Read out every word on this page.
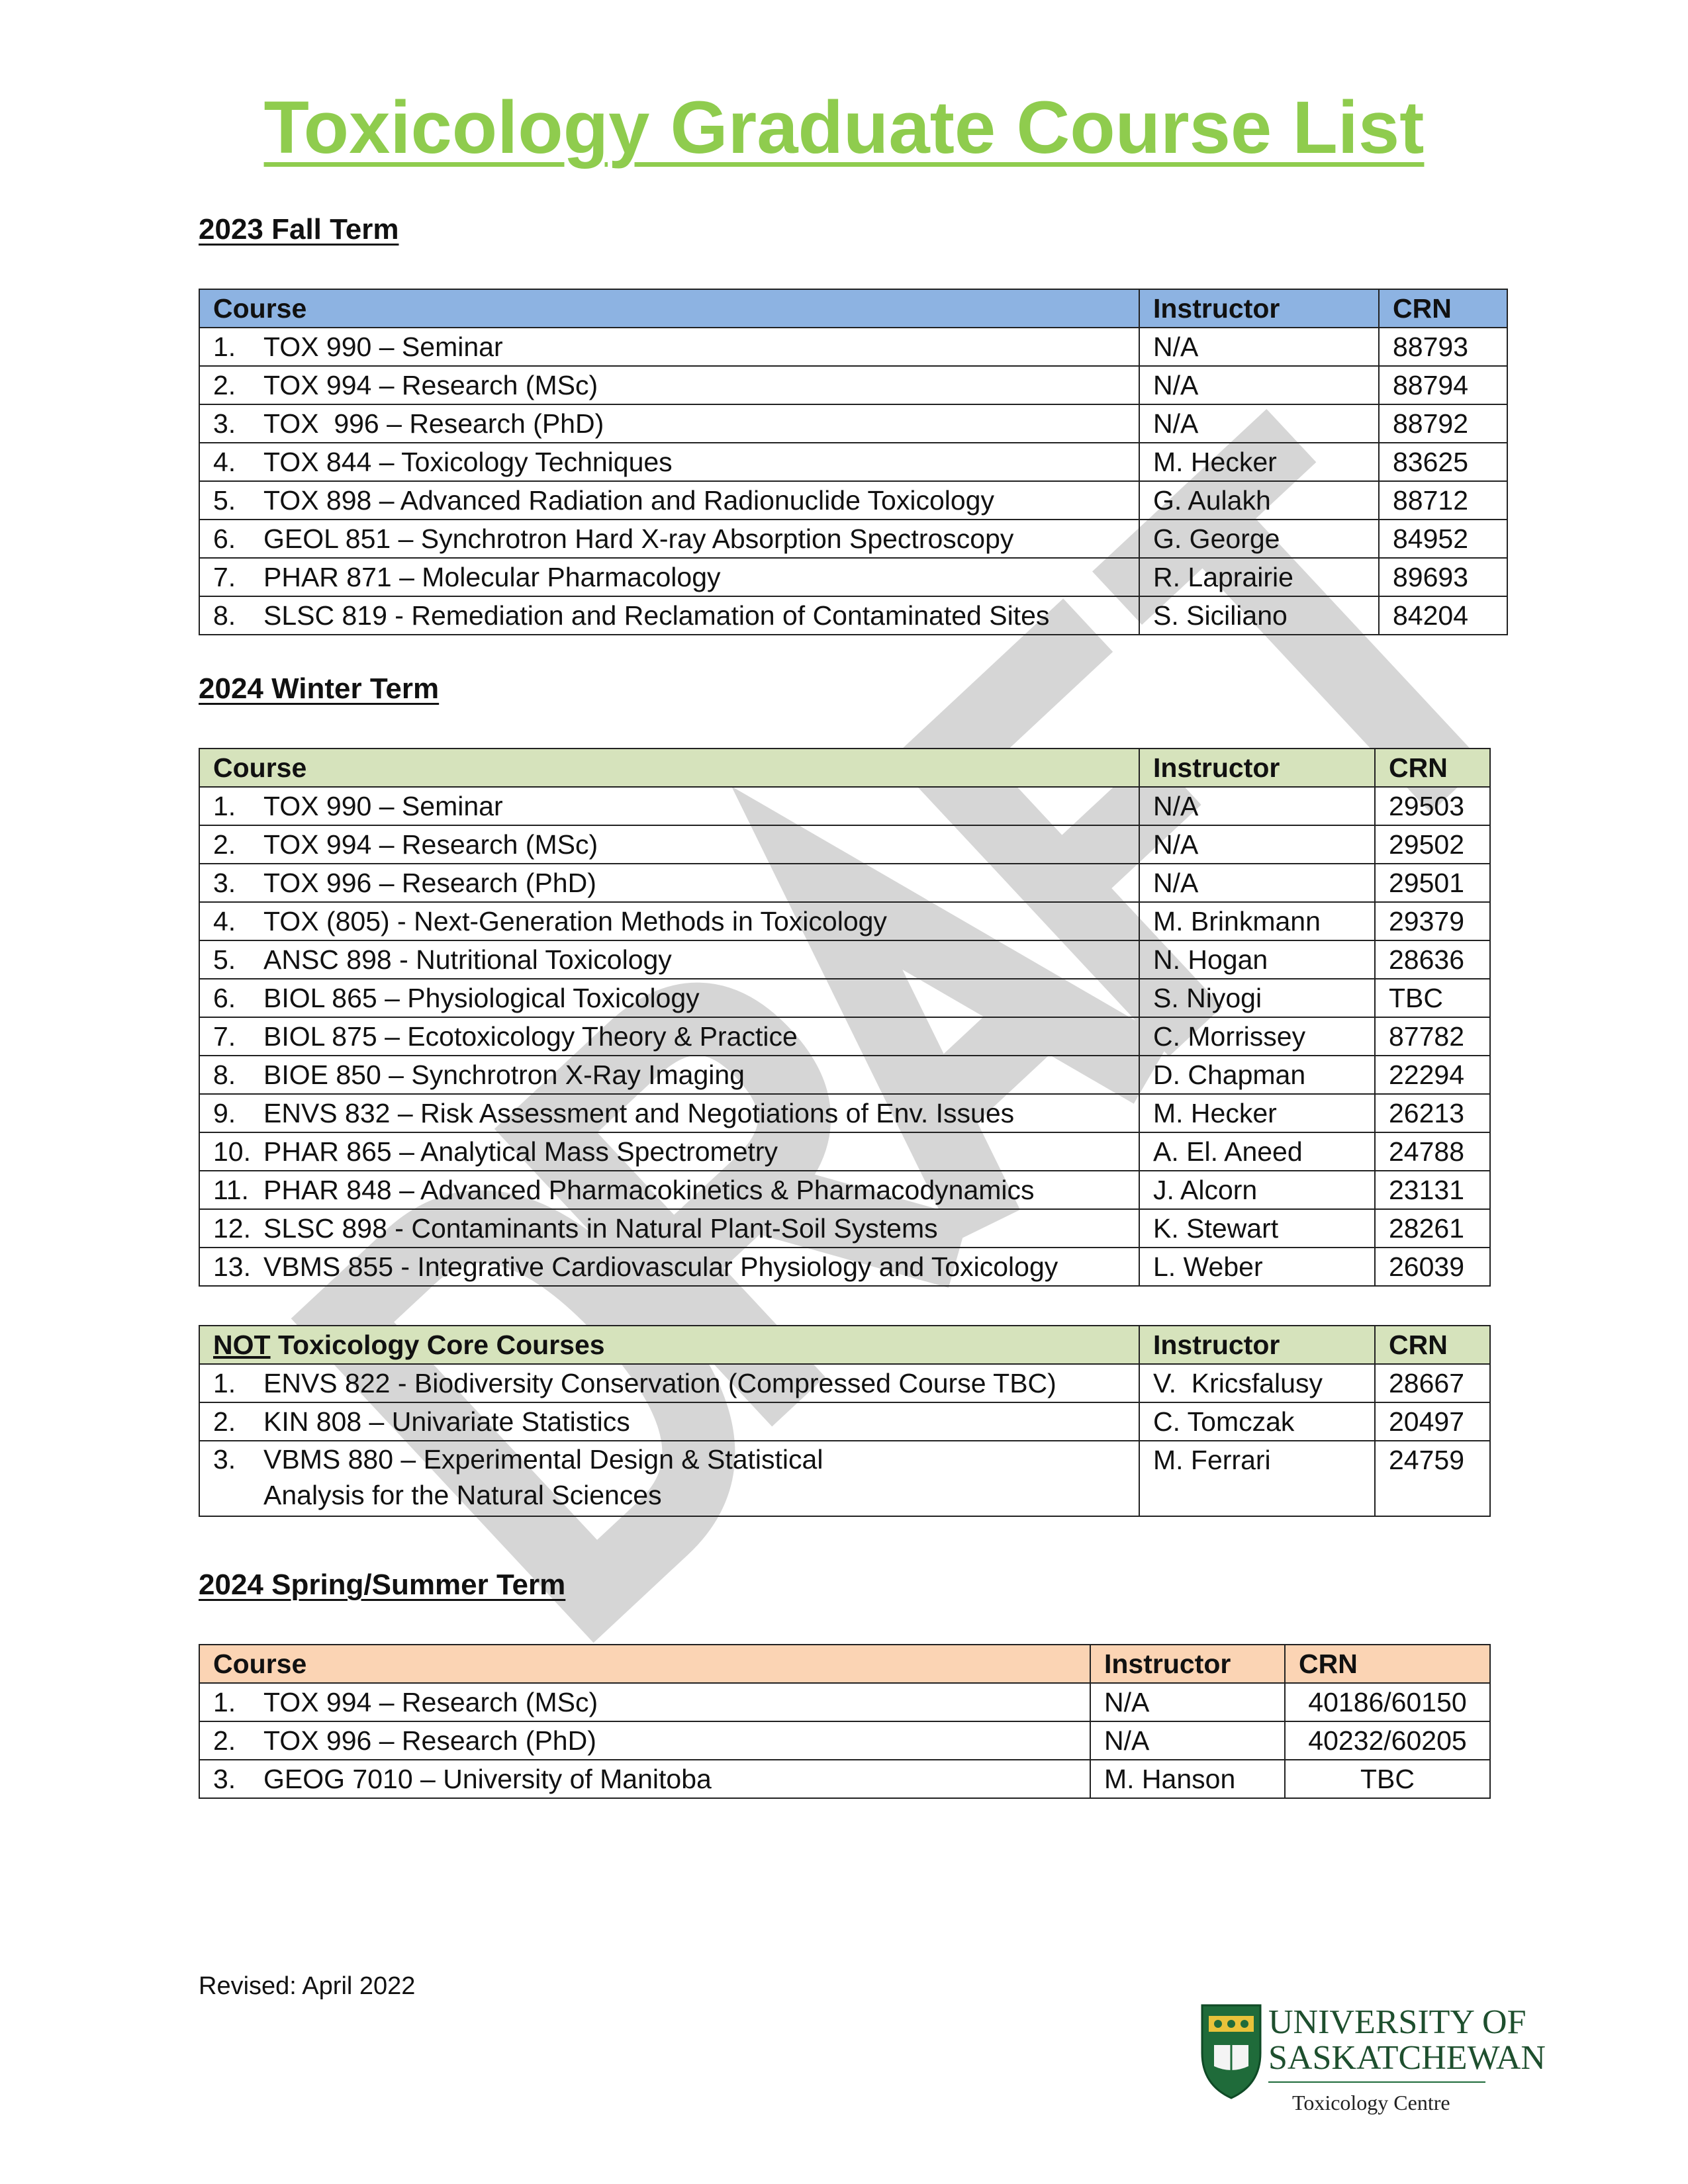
Toxicology Graduate Course List
2023 Fall Term
Course	Instructor	CRN
1. TOX 990 – Seminar	N/A	88793
2. TOX 994 – Research (MSc)	N/A	88794
3. TOX  996 – Research (PhD)	N/A	88792
4. TOX 844 – Toxicology Techniques	M. Hecker	83625
5. TOX 898 – Advanced Radiation and Radionuclide Toxicology	G. Aulakh	88712
6. GEOL 851 – Synchrotron Hard X-ray Absorption Spectroscopy	G. George	84952
7. PHAR 871 – Molecular Pharmacology	R. Laprairie	89693
8. SLSC 819 - Remediation and Reclamation of Contaminated Sites	S. Siciliano	84204
2024 Winter Term
Course	Instructor	CRN
1. TOX 990 – Seminar	N/A	29503
2. TOX 994 – Research (MSc)	N/A	29502
3. TOX 996 – Research (PhD)	N/A	29501
4. TOX (805) - Next-Generation Methods in Toxicology	M. Brinkmann	29379
5. ANSC 898 - Nutritional Toxicology	N. Hogan	28636
6. BIOL 865 – Physiological Toxicology	S. Niyogi	TBC
7. BIOL 875 – Ecotoxicology Theory & Practice	C. Morrissey	87782
8. BIOE 850 – Synchrotron X-Ray Imaging	D. Chapman	22294
9. ENVS 832 – Risk Assessment and Negotiations of Env. Issues	M. Hecker	26213
10. PHAR 865 – Analytical Mass Spectrometry	A. El. Aneed	24788
11. PHAR 848 – Advanced Pharmacokinetics & Pharmacodynamics	J. Alcorn	23131
12. SLSC 898 - Contaminants in Natural Plant-Soil Systems	K. Stewart	28261
13. VBMS 855 - Integrative Cardiovascular Physiology and Toxicology	L. Weber	26039
NOT Toxicology Core Courses	Instructor	CRN
1. ENVS 822 - Biodiversity Conservation (Compressed Course TBC)	V.  Kricsfalusy	28667
2. KIN 808 – Univariate Statistics	C. Tomczak	20497
3. VBMS 880 – Experimental Design & Statistical Analysis for the Natural Sciences	M. Ferrari	24759
2024 Spring/Summer Term
Course	Instructor	CRN
1. TOX 994 – Research (MSc)	N/A	40186/60150
2. TOX 996 – Research (PhD)	N/A	40232/60205
3. GEOG 7010 – University of Manitoba	M. Hanson	TBC
Revised: April 2022
UNIVERSITY OF
SASKATCHEWAN
Toxicology Centre
